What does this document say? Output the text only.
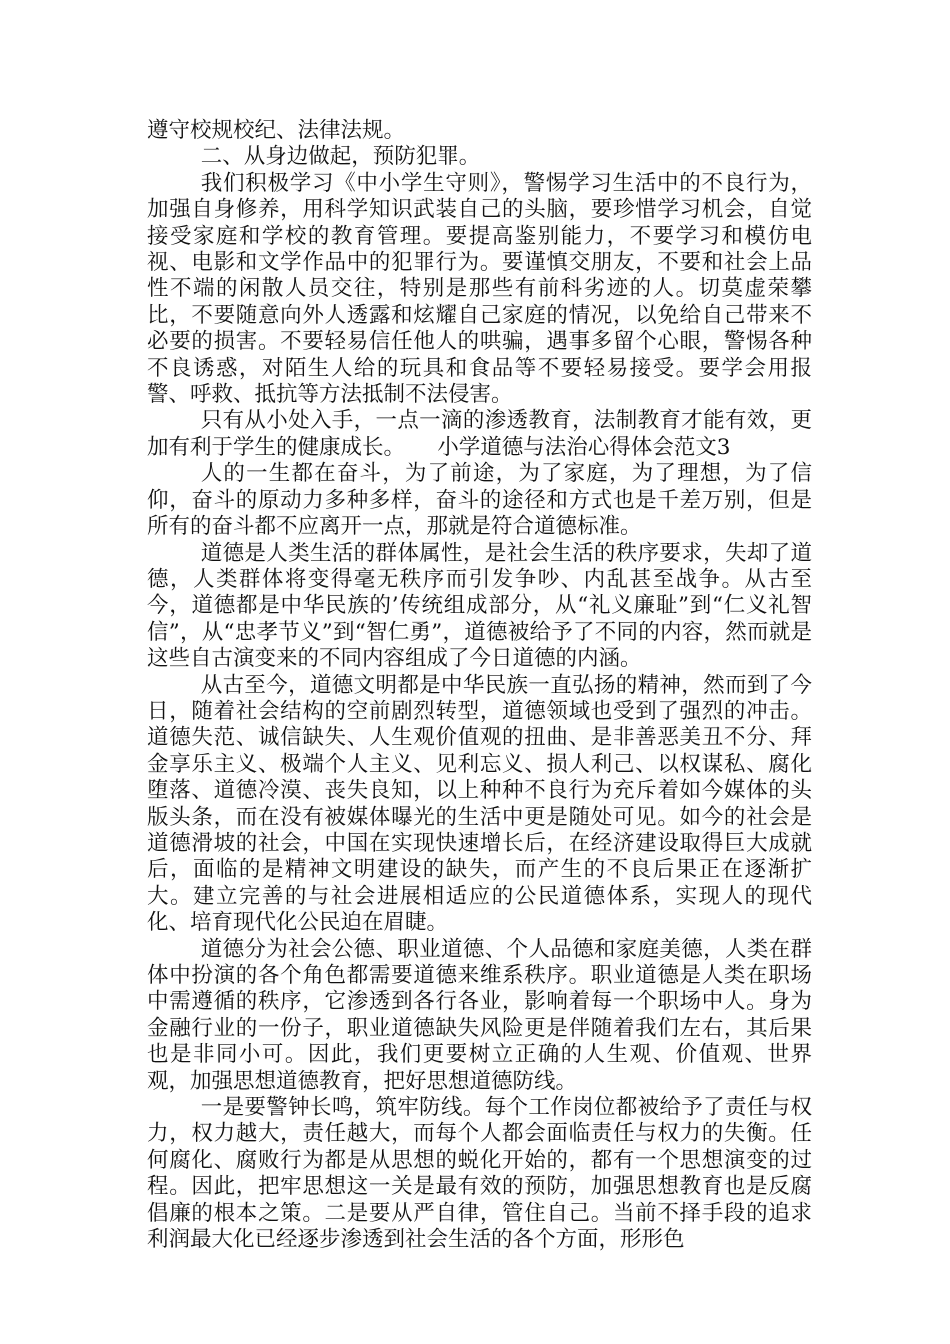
遵守校规校纪、法律法规。

二、从身边做起，预防犯罪。

我们积极学习《中小学生守则》，警惕学习生活中的不良行为，加强自身修养，用科学知识武装自己的头脑，要珍惜学习机会，自觉接受家庭和学校的教育管理。要提高鉴别能力，不要学习和模仿电视、电影和文学作品中的犯罪行为。要谨慎交朋友，不要和社会上品性不端的闲散人员交往，特别是那些有前科劣迹的人。切莫虚荣攀比，不要随意向外人透露和炫耀自己家庭的情况，以免给自己带来不必要的损害。不要轻易信任他人的哄骗，遇事多留个心眼，警惕各种不良诱惑，对陌生人给的玩具和食品等不要轻易接受。要学会用报警、呼救、抵抗等方法抵制不法侵害。

只有从小处入手，一点一滴的渗透教育，法制教育才能有效，更加有利于学生的健康成长。　　小学道德与法治心得体会范文3

人的一生都在奋斗，为了前途，为了家庭，为了理想，为了信仰，奋斗的原动力多种多样，奋斗的途径和方式也是千差万别，但是所有的奋斗都不应离开一点，那就是符合道德标准。

道德是人类生活的群体属性，是社会生活的秩序要求，失却了道德，人类群体将变得毫无秩序而引发争吵、内乱甚至战争。从古至今，道德都是中华民族的’传统组成部分，从“礼义廉耻”到“仁义礼智信”，从“忠孝节义”到“智仁勇”，道德被给予了不同的内容，然而就是这些自古演变来的不同内容组成了今日道德的内涵。

从古至今，道德文明都是中华民族一直弘扬的精神，然而到了今日，随着社会结构的空前剧烈转型，道德领域也受到了强烈的冲击。道德失范、诚信缺失、人生观价值观的扭曲、是非善恶美丑不分、拜金享乐主义、极端个人主义、见利忘义、损人利己、以权谋私、腐化堕落、道德冷漠、丧失良知，以上种种不良行为充斥着如今媒体的头版头条，而在没有被媒体曝光的生活中更是随处可见。如今的社会是道德滑坡的社会，中国在实现快速增长后，在经济建设取得巨大成就后，面临的是精神文明建设的缺失，而产生的不良后果正在逐渐扩大。建立完善的与社会进展相适应的公民道德体系，实现人的现代化、培育现代化公民迫在眉睫。

道德分为社会公德、职业道德、个人品德和家庭美德，人类在群体中扮演的各个角色都需要道德来维系秩序。职业道德是人类在职场中需遵循的秩序，它渗透到各行各业，影响着每一个职场中人。身为金融行业的一份子，职业道德缺失风险更是伴随着我们左右，其后果也是非同小可。因此，我们更要树立正确的人生观、价值观、世界观，加强思想道德教育，把好思想道德防线。

一是要警钟长鸣，筑牢防线。每个工作岗位都被给予了责任与权力，权力越大，责任越大，而每个人都会面临责任与权力的失衡。任何腐化、腐败行为都是从思想的蜕化开始的，都有一个思想演变的过程。因此，把牢思想这一关是最有效的预防，加强思想教育也是反腐倡廉的根本之策。二是要从严自律，管住自己。当前不择手段的追求利润最大化已经逐步渗透到社会生活的各个方面，形形色
